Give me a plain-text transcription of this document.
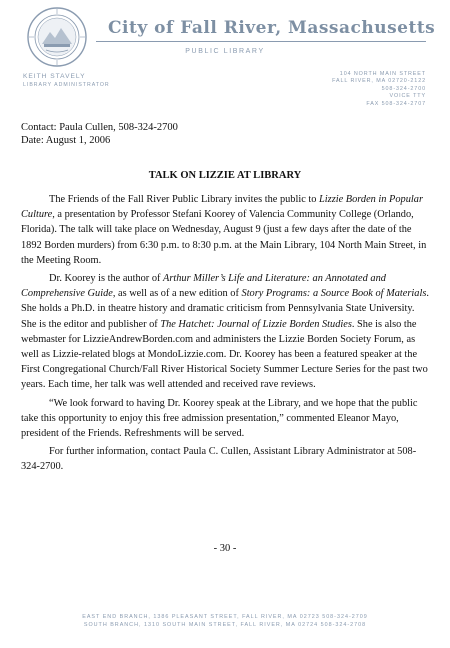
City of Fall River, Massachusetts
PUBLIC LIBRARY
KEITH STAVELY
LIBRARY ADMINISTRATOR
104 NORTH MAIN STREET
FALL RIVER, MA 02720-2122
508-324-2700
VOICE TTY
FAX 508-324-2707
Contact: Paula Cullen, 508-324-2700
Date: August 1, 2006
TALK ON LIZZIE AT LIBRARY

The Friends of the Fall River Public Library invites the public to Lizzie Borden in Popular Culture, a presentation by Professor Stefani Koorey of Valencia Community College (Orlando, Florida). The talk will take place on Wednesday, August 9 (just a few days after the date of the 1892 Borden murders) from 6:30 p.m. to 8:30 p.m. at the Main Library, 104 North Main Street, in the Meeting Room.

Dr. Koorey is the author of Arthur Miller’s Life and Literature: an Annotated and Comprehensive Guide, as well as of a new edition of Story Programs: a Source Book of Materials. She holds a Ph.D. in theatre history and dramatic criticism from Pennsylvania State University. She is the editor and publisher of The Hatchet: Journal of Lizzie Borden Studies. She is also the webmaster for LizzieAndrewBorden.com and administers the Lizzie Borden Society Forum, as well as Lizzie-related blogs at MondoLizzie.com. Dr. Koorey has been a featured speaker at the First Congregational Church/Fall River Historical Society Summer Lecture Series for the past two years. Each time, her talk was well attended and received rave reviews.

“We look forward to having Dr. Koorey speak at the Library, and we hope that the public take this opportunity to enjoy this free admission presentation,” commented Eleanor Mayo, president of the Friends. Refreshments will be served.

For further information, contact Paula C. Cullen, Assistant Library Administrator at 508-324-2700.

- 30 -
EAST END BRANCH, 1386 PLEASANT STREET, FALL RIVER, MA 02723 508-324-2709
SOUTH BRANCH, 1310 SOUTH MAIN STREET, FALL RIVER, MA 02724 508-324-2708
